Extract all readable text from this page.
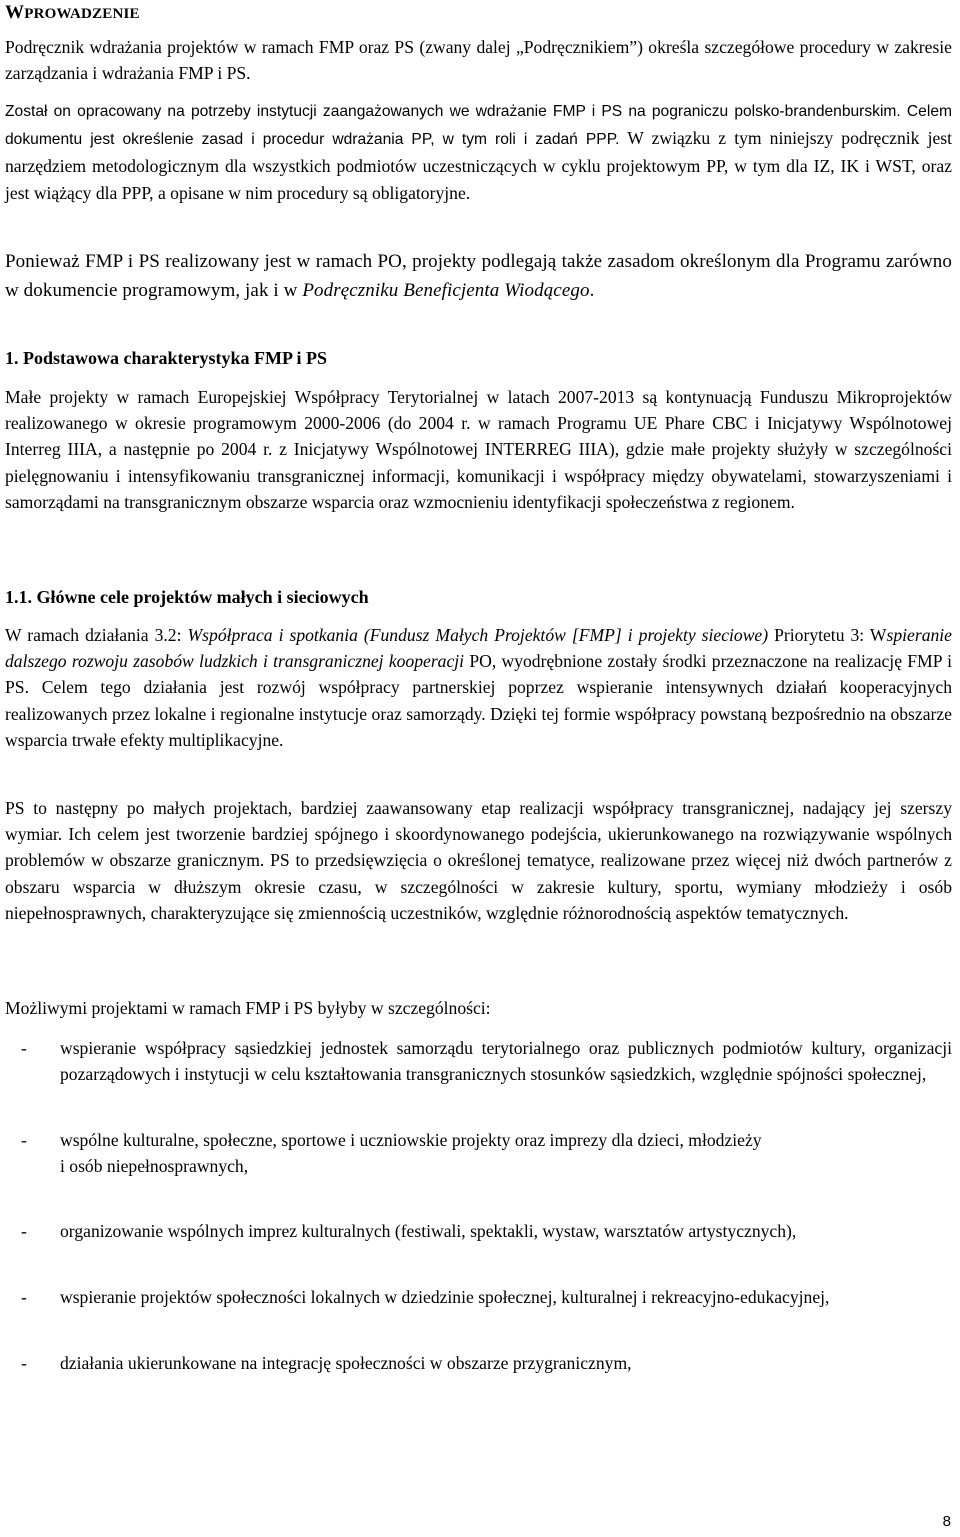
WPROWADZENIE

Podręcznik wdrażania projektów w ramach FMP oraz PS (zwany dalej „Podręcznikiem”) określa szczegółowe procedury w zakresie zarządzania i wdrażania FMP i PS.

Został on opracowany na potrzeby instytucji zaangażowanych we wdrażanie FMP i PS na pograniczu polsko-brandenburskim. Celem dokumentu jest określenie zasad i procedur wdrażania PP, w tym roli i zadań PPP. W związku z tym niniejszy podręcznik jest narzędziem metodologicznym dla wszystkich podmiotów uczestniczących w cyklu projektowym PP, w tym dla IZ, IK i WST, oraz jest wiążący dla PPP, a opisane w nim procedury są obligatoryjne.

Ponieważ FMP i PS realizowany jest w ramach PO, projekty podlegają także zasadom określonym dla Programu zarówno w dokumencie programowym, jak i w Podręczniku Beneficjenta Wiodącego.

1. Podstawowa charakterystyka FMP i PS

Małe projekty w ramach Europejskiej Współpracy Terytorialnej w latach 2007-2013 są kontynuacją Funduszu Mikroprojektów realizowanego w okresie programowym 2000-2006 (do 2004 r. w ramach Programu UE Phare CBC i Inicjatywy Wspólnotowej Interreg IIIA, a następnie po 2004 r. z Inicjatywy Wspólnotowej INTERREG IIIA), gdzie małe projekty służyły w szczególności pielęgnowaniu i intensyfikowaniu transgranicznej informacji, komunikacji i współpracy między obywatelami, stowarzyszeniami i samorządami na transgranicznym obszarze wsparcia oraz wzmocnieniu identyfikacji społeczeństwa z regionem.

1.1. Główne cele projektów małych i sieciowych

W ramach działania 3.2: Współpraca i spotkania (Fundusz Małych Projektów [FMP] i projekty sieciowe) Priorytetu 3: Wspieranie dalszego rozwoju zasobów ludzkich i transgranicznej kooperacji PO, wyodrębnione zostały środki przeznaczone na realizację FMP i PS. Celem tego działania jest rozwój współpracy partnerskiej poprzez wspieranie intensywnych działań kooperacyjnych realizowanych przez lokalne i regionalne instytucje oraz samorządy. Dzięki tej formie współpracy powstaną bezpośrednio na obszarze wsparcia trwałe efekty multiplikacyjne.

PS to następny po małych projektach, bardziej zaawansowany etap realizacji współpracy transgranicznej, nadający jej szerszy wymiar. Ich celem jest tworzenie bardziej spójnego i skoordynowanego podejścia, ukierunkowanego na rozwiązywanie wspólnych problemów w obszarze granicznym. PS to przedsięwzięcia o określonej tematyce, realizowane przez więcej niż dwóch partnerów z obszaru wsparcia w dłuższym okresie czasu, w szczególności w zakresie kultury, sportu, wymiany młodzieży i osób niepełnosprawnych, charakteryzujące się zmiennością uczestników, względnie różnorodnością aspektów tematycznych.

Możliwymi projektami w ramach FMP i PS byłyby w szczególności:

- wspieranie współpracy sąsiedzkiej jednostek samorządu terytorialnego oraz publicznych podmiotów kultury, organizacji pozarządowych i instytucji w celu kształtowania transgranicznych stosunków sąsiedzkich, względnie spójności społecznej,
- wspólne kulturalne, społeczne, sportowe i uczniowskie projekty oraz imprezy dla dzieci, młodzieży
i osób niepełnosprawnych,
- organizowanie wspólnych imprez kulturalnych (festiwali, spektakli, wystaw, warsztatów artystycznych),
- wspieranie projektów społeczności lokalnych w dziedzinie społecznej, kulturalnej i rekreacyjno-edukacyjnej,
- działania ukierunkowane na integrację społeczności w obszarze przygranicznym,
8
